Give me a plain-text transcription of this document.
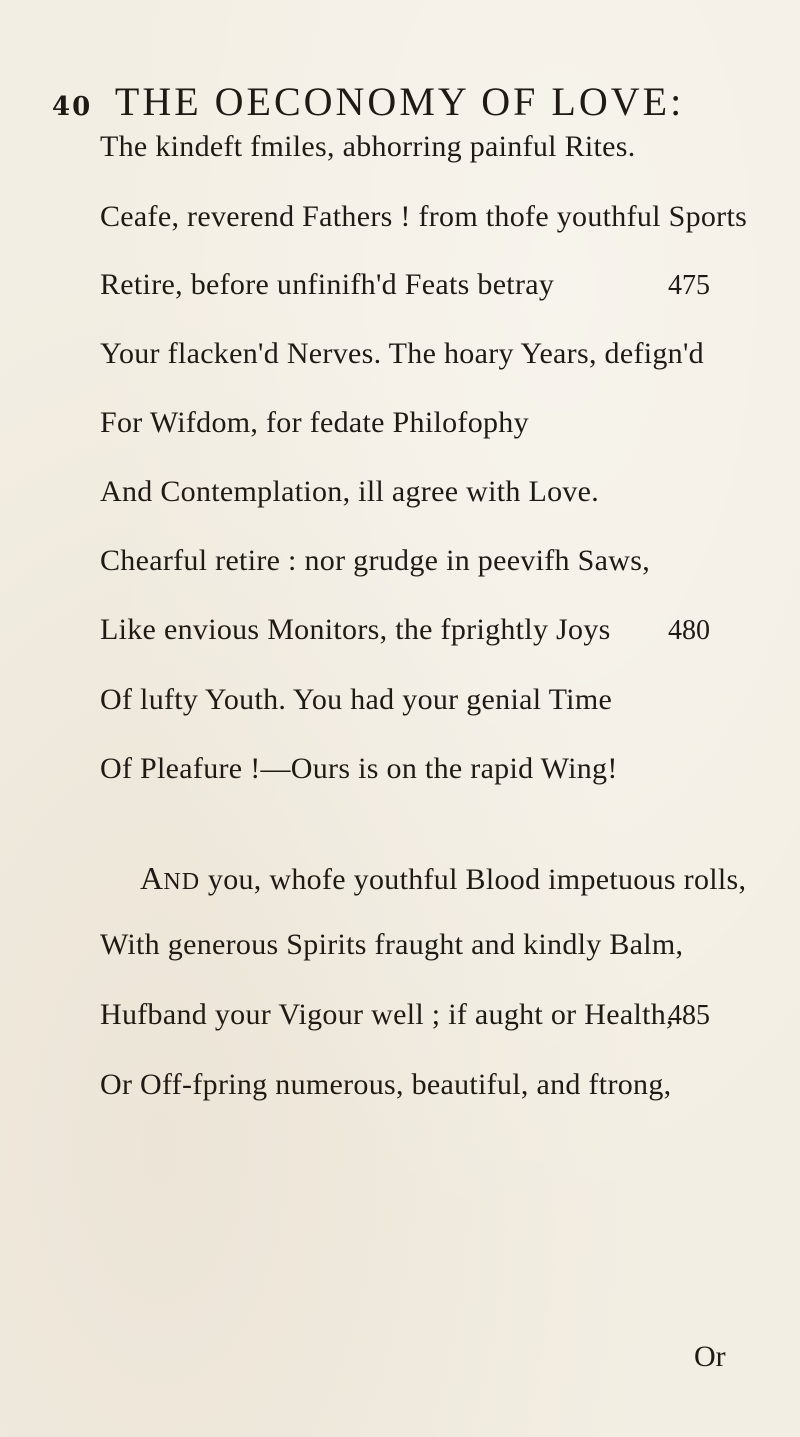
40 THE OECONOMY OF LOVE:
The kindeft fmiles, abhorring painful Rites.
Ceafe, reverend Fathers ! from thofe youthful Sports
Retire, before unfinifh'd Feats betray	475
Your flacken'd Nerves. The hoary Years, defign'd
For Wifdom, for fedate Philofophy
And Contemplation, ill agree with Love.
Chearful retire : nor grudge in peevifh Saws,
Like envious Monitors, the fprightly Joys 480
Of lufty Youth. You had your genial Time
Of Pleafure !—Ours is on the rapid Wing!
AND you, whofe youthful Blood impetuous rolls,
With generous Spirits fraught and kindly Balm,
Hufband your Vigour well ; if aught or Health,
485
Or Off-fpring numerous, beautiful, and ftrong,
Or
